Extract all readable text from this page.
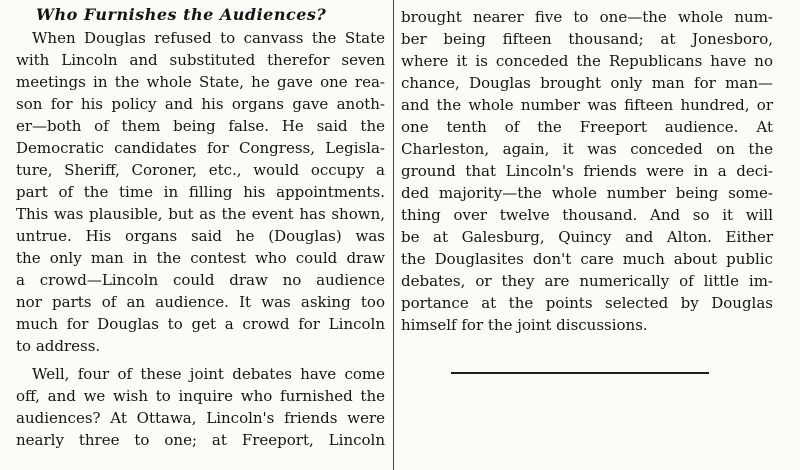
Who Furnishes the Audiences?
When Douglas refused to canvass the State
with Lincoln and substituted therefor seven
meetings in the whole State, he gave one rea-
son for his policy and his organs gave anoth-
er—both of them being false. He said the
Democratic candidates for Congress, Legisla-
ture, Sheriff, Coroner, etc., would occupy a
part of the time in filling his appointments.
This was plausible, but as the event has shown,
untrue. His organs said he (Douglas) was
the only man in the contest who could draw
a crowd—Lincoln could draw no audience
nor parts of an audience. It was asking too
much for Douglas to get a crowd for Lincoln
to address.
Well, four of these joint debates have come
off, and we wish to inquire who furnished the
audiences? At Ottawa, Lincoln's friends were
nearly three to one; at Freeport, Lincoln
brought nearer five to one—the whole num-
ber being fifteen thousand; at Jonesboro,
where it is conceded the Republicans have no
chance, Douglas brought only man for man—
and the whole number was fifteen hundred, or
one tenth of the Freeport audience. At
Charleston, again, it was conceded on the
ground that Lincoln's friends were in a deci-
ded majority—the whole number being some-
thing over twelve thousand. And so it will
be at Galesburg, Quincy and Alton. Either
the Douglasites don't care much about public
debates, or they are numerically of little im-
portance at the points selected by Douglas
himself for the joint discussions.
